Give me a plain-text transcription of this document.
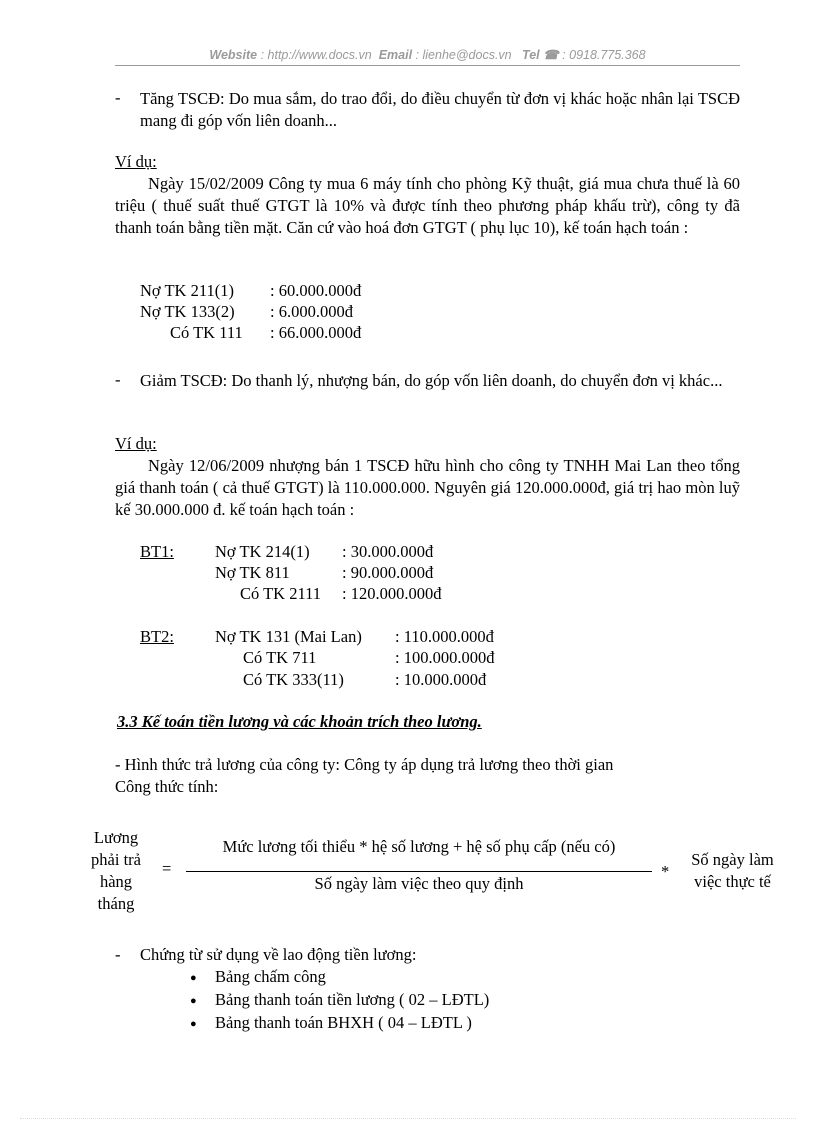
Website : http://www.docs.vn Email : lienhe@docs.vn Tel ☎ : 0918.775.368
- Tăng TSCĐ: Do mua sắm, do trao đổi, do điều chuyển từ đơn vị khác hoặc nhân lại TSCĐ mang đi góp vốn liên doanh...
Ví dụ:
Ngày 15/02/2009 Công ty mua 6 máy tính cho phòng Kỹ thuật, giá mua chưa thuế là 60 triệu ( thuế suất thuế GTGT là 10% và được tính theo phương pháp khấu trừ), công ty đã thanh toán bằng tiền mặt. Căn cứ vào hoá đơn GTGT ( phụ lục 10), kế toán hạch toán :
Nợ TK 211(1) : 60.000.000đ
Nợ TK 133(2) : 6.000.000đ
Có TK 111 : 66.000.000đ
- Giảm TSCĐ: Do thanh lý, nhượng bán, do góp vốn liên doanh, do chuyển đơn vị khác...
Ví dụ:
Ngày 12/06/2009 nhượng bán 1 TSCĐ hữu hình cho công ty TNHH Mai Lan theo tổng giá thanh toán ( cả thuế GTGT) là 110.000.000. Nguyên giá 120.000.000đ, giá trị hao mòn luỹ kế 30.000.000 đ. kế toán hạch toán :
BT1: Nợ TK 214(1) : 30.000.000đ
Nợ TK 811	: 90.000.000đ
Có TK 2111 : 120.000.000đ
BT2: Nợ TK 131 (Mai Lan) : 110.000.000đ
Có TK 711	: 100.000.000đ
Có TK 333(11)	: 10.000.000đ
3.3 Kế toán tiền lương và các khoản trích theo lương.
- Hình thức trả lương của công ty: Công ty áp dụng trả lương theo thời gian
Công thức tính:
Lương
phải trả
hàng
tháng
=
Mức lương tối thiểu * hệ số lương + hệ số phụ cấp (nếu có)
Số ngày làm việc theo quy định
*
Số ngày làm
việc thực tế
- Chứng từ sử dụng về lao động tiền lương:
● Bảng chấm công
● Bảng thanh toán tiền lương ( 02 – LĐTL)
● Bảng thanh toán BHXH ( 04 – LĐTL )
